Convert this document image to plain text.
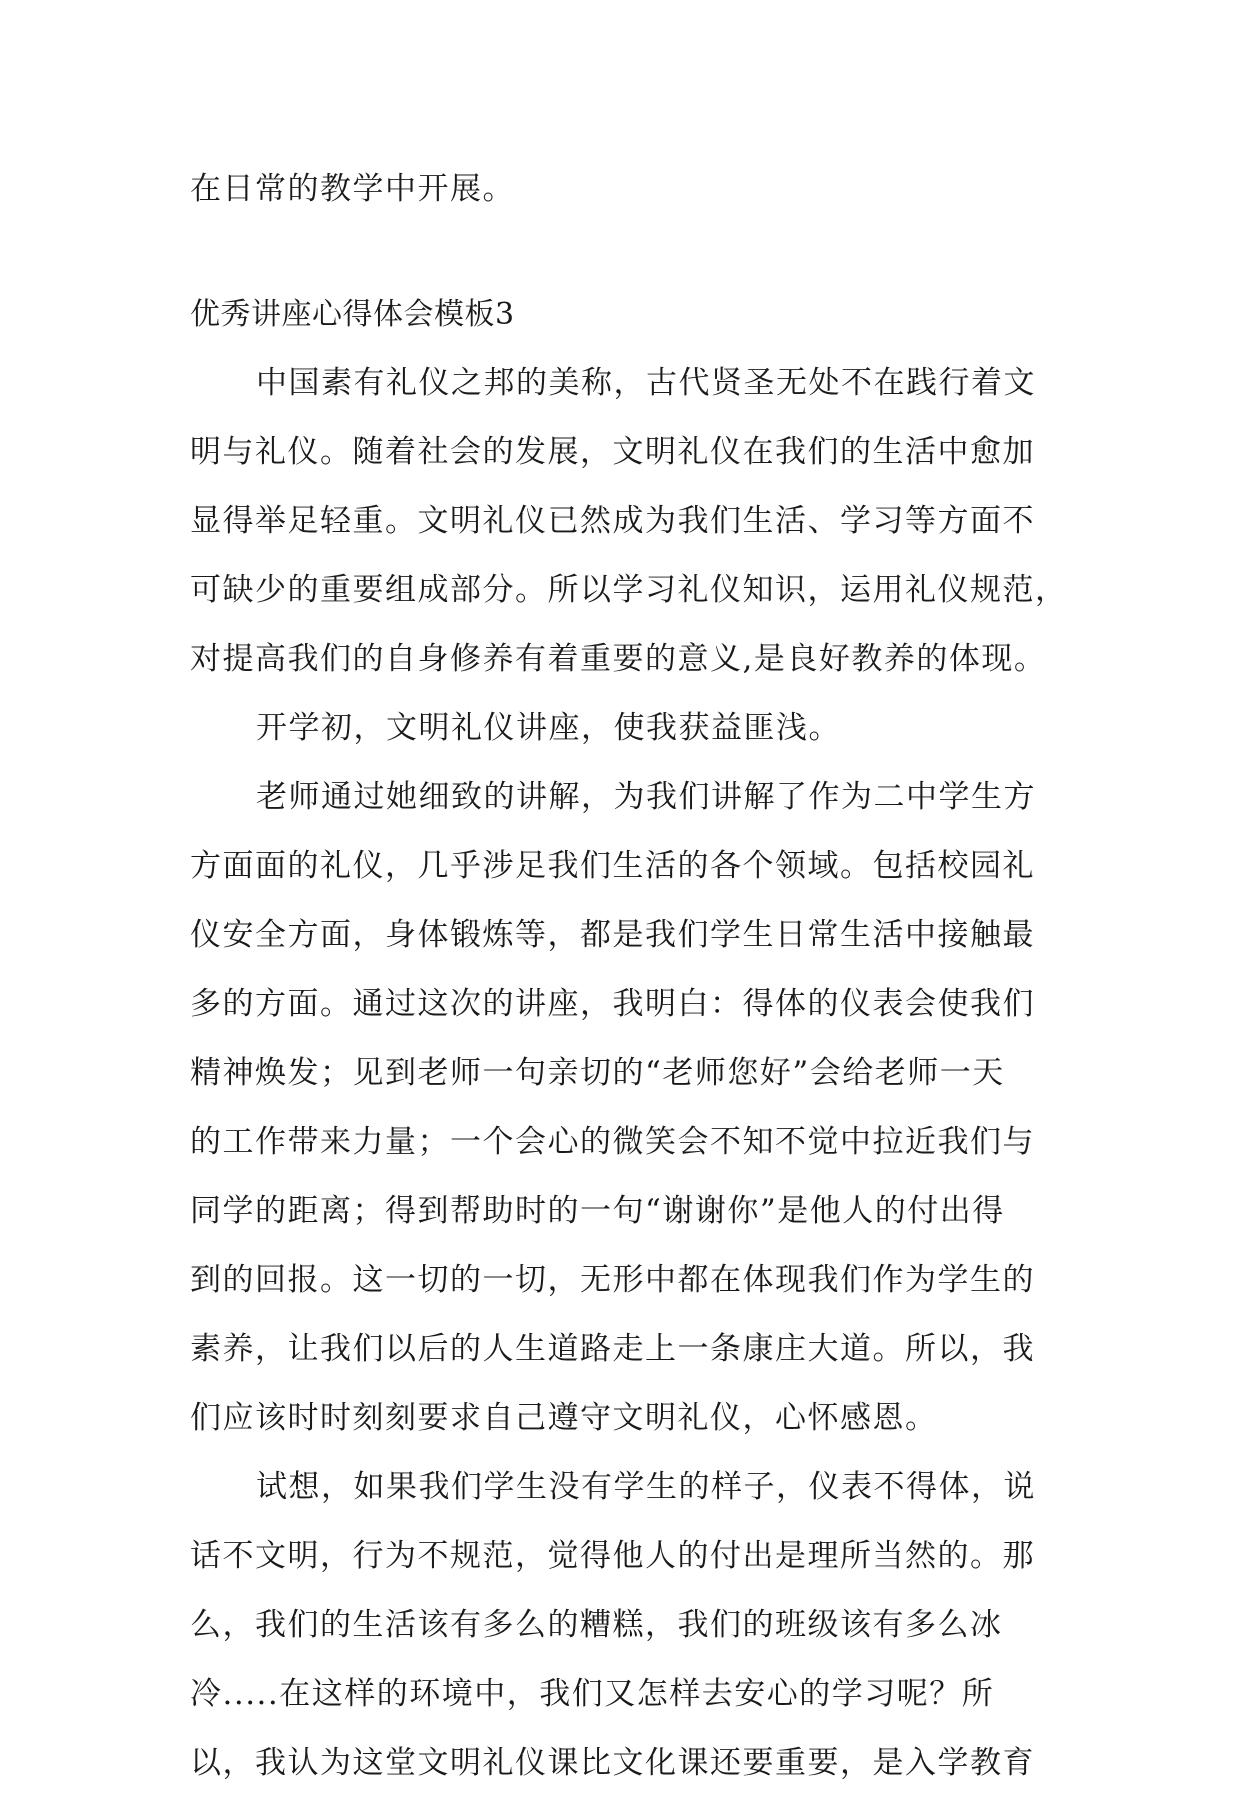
在日常的教学中开展。
优秀讲座心得体会模板3
中国素有礼仪之邦的美称，古代贤圣无处不在践行着文
明与礼仪。随着社会的发展，文明礼仪在我们的生活中愈加
显得举足轻重。文明礼仪已然成为我们生活、学习等方面不
可缺少的重要组成部分。所以学习礼仪知识，运用礼仪规范，
对提高我们的自身修养有着重要的意义,是良好教养的体现。
开学初，文明礼仪讲座，使我获益匪浅。
老师通过她细致的讲解，为我们讲解了作为二中学生方
方面面的礼仪，几乎涉足我们生活的各个领域。包括校园礼
仪安全方面，身体锻炼等，都是我们学生日常生活中接触最
多的方面。通过这次的讲座，我明白：得体的仪表会使我们
精神焕发；见到老师一句亲切的“老师您好”会给老师一天
的工作带来力量；一个会心的微笑会不知不觉中拉近我们与
同学的距离；得到帮助时的一句“谢谢你”是他人的付出得
到的回报。这一切的一切，无形中都在体现我们作为学生的
素养，让我们以后的人生道路走上一条康庄大道。所以，我
们应该时时刻刻要求自己遵守文明礼仪，心怀感恩。
试想，如果我们学生没有学生的样子，仪表不得体，说
话不文明，行为不规范，觉得他人的付出是理所当然的。那
么，我们的生活该有多么的糟糕，我们的班级该有多么冰
冷.....在这样的环境中，我们又怎样去安心的学习呢？所
以，我认为这堂文明礼仪课比文化课还要重要，是入学教育
